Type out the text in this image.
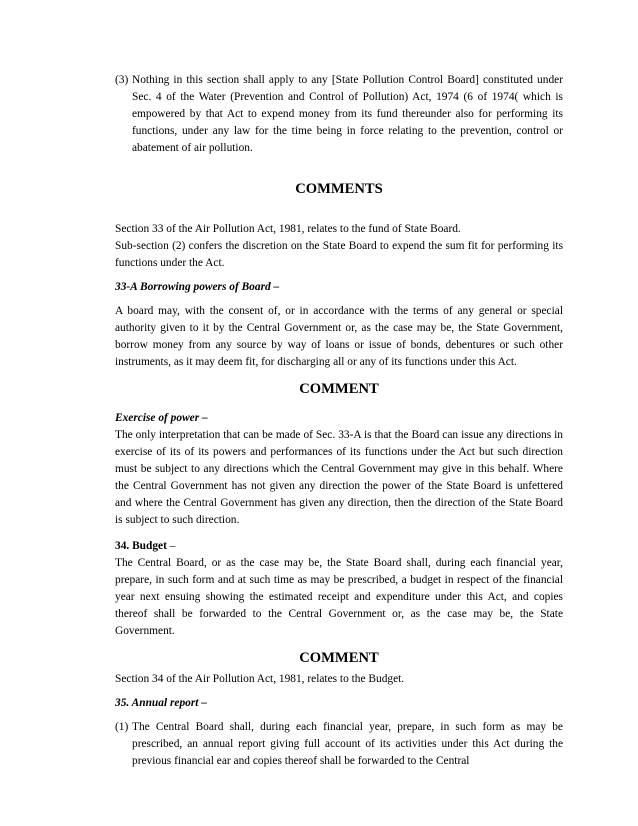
(3) Nothing in this section shall apply to any [State Pollution Control Board] constituted under Sec. 4 of the Water (Prevention and Control of Pollution) Act, 1974 (6 of 1974( which is empowered by that Act to expend money from its fund thereunder also for performing its functions, under any law for the time being in force relating to the prevention, control or abatement of air pollution.
COMMENTS

Section 33 of the Air Pollution Act, 1981, relates to the fund of State Board.

Sub-section (2) confers the discretion on the State Board to expend the sum fit for performing its functions under the Act.

33-A Borrowing powers of Board –

A board may, with the consent of, or in accordance with the terms of any general or special authority given to it by the Central Government or, as the case may be, the State Government, borrow money from any source by way of loans or issue of bonds, debentures or such other instruments, as it may deem fit, for discharging all or any of its functions under this Act.

COMMENT

Exercise of power –

The only interpretation that can be made of Sec. 33-A is that the Board can issue any directions in exercise of its of its powers and performances of its functions under the Act but such direction must be subject to any directions which the Central Government may give in this behalf. Where the Central Government has not given any direction the power of the State Board is unfettered and where the Central Government has given any direction, then the direction of the State Board is subject to such direction.

34. Budget –

The Central Board, or as the case may be, the State Board shall, during each financial year, prepare, in such form and at such time as may be prescribed, a budget in respect of the financial year next ensuing showing the estimated receipt and expenditure under this Act, and copies thereof shall be forwarded to the Central Government or, as the case may be, the State Government.

COMMENT

Section 34 of the Air Pollution Act, 1981, relates to the Budget.

35. Annual report –

(1) The Central Board shall, during each financial year, prepare, in such form as may be prescribed, an annual report giving full account of its activities under this Act during the previous financial ear and copies thereof shall be forwarded to the Central
